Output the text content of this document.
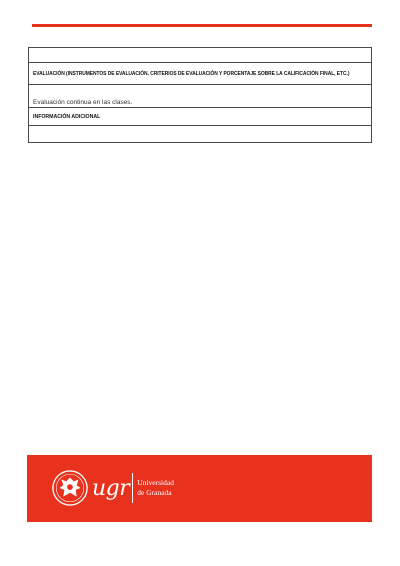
EVALUACIÓN (INSTRUMENTOS DE EVALUACIÓN, CRITERIOS DE EVALUACIÓN Y PORCENTAJE SOBRE LA CALIFICACIÓN FINAL, ETC.)
Evaluación continua en las clases.
INFORMACIÓN ADICIONAL
ugr Universidad
de Granada
